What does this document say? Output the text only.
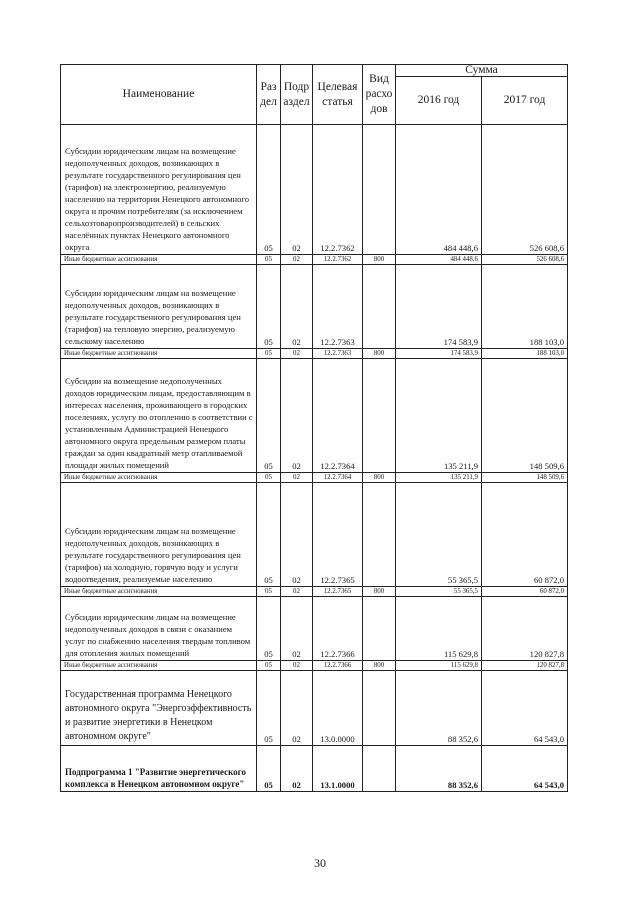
Наименование	Раз дел	Подр аздел	Целевая статья	Вид расхо дов	Сумма	
					2016 год	2017 год
Субсидии юридическим лицам на возмещение недополученных доходов, возникающих в результате государственного регулирования цен (тарифов) на электроэнергию, реализуемую населению на территории Ненецкого автономного округа и прочим потребителям (за исключением сельхозтоваропроизводителей) в сельских населённых пунктах Ненецкого автономного округа	05	02	12.2.7362		484 448,6	526 608,6
Иные бюджетные ассигнования	05	02	12.2.7362	800	484 448,6	526 608,6
Субсидии юридическим лицам на возмещение недополученных доходов, возникающих в результате государственного регулирования цен (тарифов) на тепловую энергию, реализуемую сельскому населению	05	02	12.2.7363		174 583,9	188 103,0
Иные бюджетные ассигнования	05	02	12.2.7363	800	174 583,9	188 103,0
Субсидии на возмещение недополученных доходов юридическим лицам, предоставляющим в интересах населения, проживающего в городских поселениях, услугу по отоплению в соответствии с установленным Администрацией Ненецкого автономного округа предельным размером платы граждан за один квадратный метр отапливаемой площади жилых помещений	05	02	12.2.7364		135 211,9	148 509,6
Иные бюджетные ассигнования	05	02	12.2.7364	800	135 211,9	148 509,6
Субсидии юридическим лицам на возмещение недополученных доходов, возникающих в результате государственного регулирования цен (тарифов) на холодную, горячую воду и услуги водоотведения, реализуемые населению	05	02	12.2.7365		55 365,5	60 872,0
Иные бюджетные ассигнования	05	02	12.2.7365	800	55 365,5	60 872,0
Субсидии юридическим лицам на возмещение недополученных доходов в связи с оказанием услуг по снабжению населения твердым топливом для отопления жилых помещений	05	02	12.2.7366		115 629,8	120 827,8
Иные бюджетные ассигнования	05	02	12.2.7366	800	115 629,8	120 827,8
Государственная программа Ненецкого автономного округа "Энергоэффективность и развитие энергетики в Ненецком автономном округе"	05	02	13.0.0000		88 352,6	64 543,0
Подпрограмма 1 "Развитие энергетического комплекса в Ненецком автономном округе"	05	02	13.1.0000		88 352,6	64 543,0
30
